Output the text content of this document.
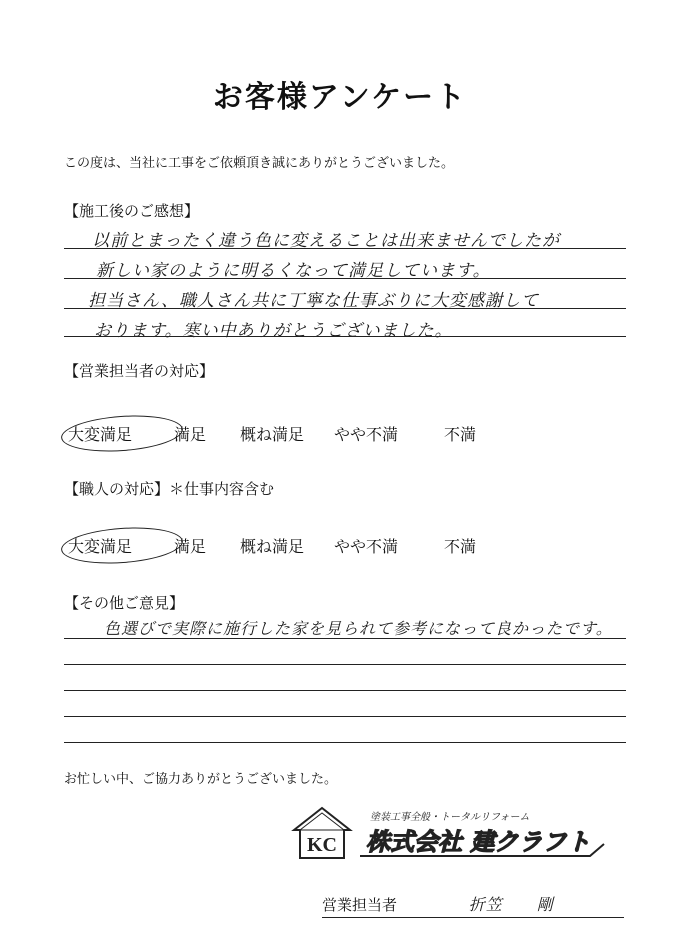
お客様アンケート
この度は、当社に工事をご依頼頂き誠にありがとうございました。
【施工後のご感想】
以前とまったく違う色に変えることは出来ませんでしたが
新しい家のように明るくなって満足しています。
担当さん、職人さん共に丁寧な仕事ぶりに大変感謝して
おります。寒い中ありがとうございました。
【営業担当者の対応】
大変満足	満足	概ね満足	やや不満	不満
【職人の対応】＊仕事内容含む
大変満足	満足	概ね満足	やや不満	不満
【その他ご意見】
色選びで実際に施行した家を見られて参考になって良かったです。
お忙しい中、ご協力ありがとうございました。
KC
塗装工事全般・トータルリフォーム
株式会社 建クラフト
営業担当者	折笠　　剛
